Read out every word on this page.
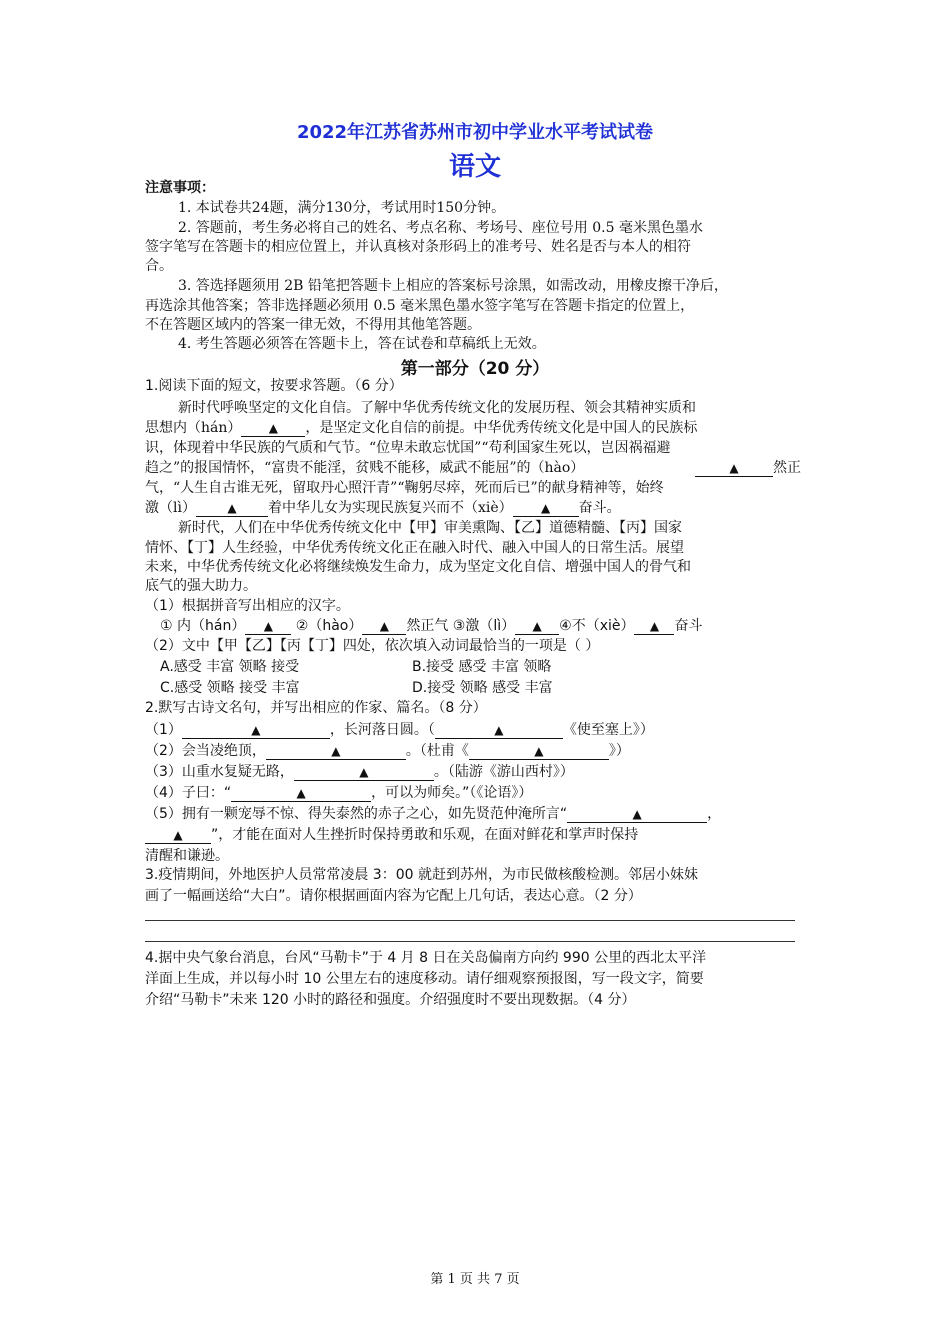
2022年江苏省苏州市初中学业水平考试试卷
语文
注意事项：
1. 本试卷共24题，满分130分，考试用时150分钟。
2. 答题前，考生务必将自己的姓名、考点名称、考场号、座位号用 0.5 毫米黑色墨水
签字笔写在答题卡的相应位置上，并认真核对条形码上的准考号、姓名是否与本人的相符
合。
3. 答选择题须用 2B 铅笔把答题卡上相应的答案标号涂黑，如需改动，用橡皮擦干净后，
再选涂其他答案；答非选择题必须用 0.5 毫米黑色墨水签字笔写在答题卡指定的位置上，
不在答题区域内的答案一律无效，不得用其他笔答题。
4. 考生答题必须答在答题卡上，答在试卷和草稿纸上无效。
第一部分（20 分）
1.阅读下面的短文，按要求答题。（6 分）
新时代呼唤坚定的文化自信。了解中华优秀传统文化的发展历程、领会其精神实质和
思想内（hán） ▲ ，是坚定文化自信的前提。中华优秀传统文化是中国人的民族标
识，体现着中华民族的气质和气节。“位卑未敢忘忧国”“苟利国家生死以，岂因祸福避
趋之”的报国情怀，“富贵不能淫，贫贱不能移，威武不能屈”的（hào）	▲ 然正
气，“人生自古谁无死，留取丹心照汗青”“鞠躬尽瘁，死而后已”的献身精神等，始终
激（lì）	▲ 着中华儿女为实现民族复兴而不（xiè） ▲ 奋斗。
新时代，人们在中华优秀传统文化中【甲】审美熏陶、【乙】道德精髓、【丙】国家
情怀、【丁】人生经验，中华优秀传统文化正在融入时代、融入中国人的日常生活。展望
未来，中华优秀传统文化必将继续焕发生命力，成为坚定文化自信、增强中国人的骨气和
底气的强大助力。
（1）根据拼音写出相应的汉字。
① 内（hán） ▲ ②（hào） ▲ 然正气 ③激（lì） ▲ ④不（xiè） ▲ 奋斗
（2）文中【甲【乙】【丙【丁】四处，依次填入动词最恰当的一项是（ ）
A.感受 丰富 领略 接受	B.接受 感受 丰富 领略
C.感受 领略 接受 丰富	D.接受 领略 感受 丰富
2.默写古诗文名句，并写出相应的作家、篇名。（8 分）
（1）	▲	，长河落日圆。（	▲	《使至塞上》）
（2）会当凌绝顶，	▲	。（杜甫《	▲	》）
（3）山重水复疑无路，	▲	。（陆游《游山西村》）
（4）子曰：“	▲	，可以为师矣。”（《论语》）
（5）拥有一颗宠辱不惊、得失泰然的赤子之心，如先贤范仲淹所言“	▲	，
▲ ”，才能在面对人生挫折时保持勇敢和乐观，在面对鲜花和掌声时保持
清醒和谦逊。
3.疫情期间，外地医护人员常常凌晨 3：00 就赶到苏州，为市民做核酸检测。邻居小妹妹
画了一幅画送给“大白”。请你根据画面内容为它配上几句话，表达心意。（2 分）
4.据中央气象台消息，台风“马勒卡”于 4 月 8 日在关岛偏南方向约 990 公里的西北太平洋
洋面上生成，并以每小时 10 公里左右的速度移动。请仔细观察预报图，写一段文字，简要
介绍“马勒卡”未来 120 小时的路径和强度。介绍强度时不要出现数据。（4 分）
第 1 页 共 7 页
